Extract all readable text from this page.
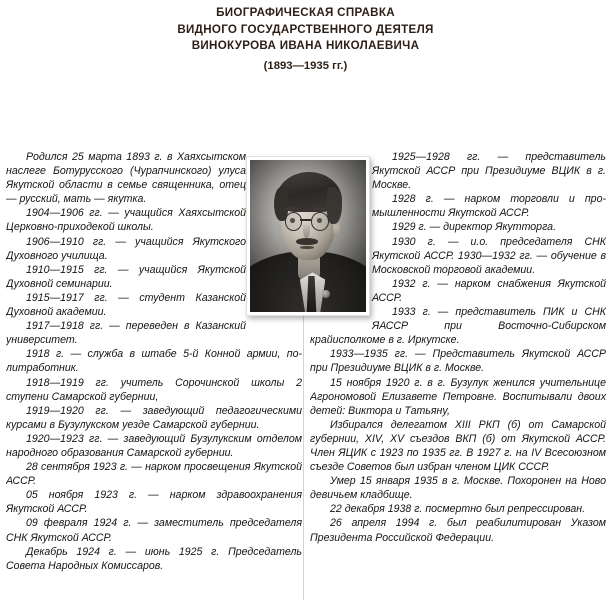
БИОГРАФИЧЕСКАЯ СПРАВКА
ВИДНОГО ГОСУДАРСТВЕННОГО ДЕЯТЕЛЯ
ВИНОКУРОВА ИВАНА НИКОЛАЕВИЧА
(1893—1935 гг.)

Родился 25 марта 1893 г. в Хаяхсытском наслеге Ботурусского (Чурапчинского) улуса Якутской области в семье священника, отец — русский, мать — якутка.

1904—1906 гг. — учащийся Хаяхсытской Церковно-приходекой школы.

1906—1910 гг. — учащийся Якутского Духовного училища.

1910—1915 гг. — учащийся Якутской Духовной семинарии.

1915—1917 гг. — студент Казанской Духовной академии.

1917—1918 гг. — переведен в Казанский университет.

1918 г. — служба в штабе 5-й Конной армии, политработник.

1918—1919 гг. учитель Сорочинской школы 2 ступени Самарской губернии,

1919—1920 гг. — заведующий педагогическими курсами в Бузулукском уезде Самарской губернии.

1920—1923 гг. — заведующий Бузулукским отделом народного образования Самарской губернии.

28 сентября 1923 г. — нарком просвещения Якутской АССР.

05 ноября 1923 г. — нарком здравоохранения Якутской АССР.

09 февраля 1924 г. — заместитель председателя СНК Якутской АССР.

Декабрь 1924 г. — июнь 1925 г. Председатель Совета Народных Комиссаров.

1925—1928 гг. — представитель Якутской АССР при Президиуме ВЦИК в г. Москве.

1928 г. — нарком торговли и промышленности Якутской АССР.

1929 г. — директор Якутторга.

1930 г. — и.о. председателя СНК Якутской АССР. 1930—1932 гг. — обучение в Московской торговой академии.

1932 г. — нарком снабжения Якутской АССР.

1933 г. — представитель ПИК и СНК ЯАССР при Восточно-Сибирском крайисполкоме в г. Иркутске.

1933—1935 гг. — Представитель Якутской АССР при Президиуме ВЦИК в г. Москве.

15 ноября 1920 г. в г. Бузулук женился учительнице Агрономовой Елизавете Петровне. Воспитывали двоих детей: Виктора и Татьяну,

Избирался делегатом XIII РКП (б) от Самарской губернии, XIV, XV съездов ВКП (б) от Якутской АССР. Член ЯЦИК с 1923 по 1935 гг. В 1927 г. на IV Всесоюзном съезде Советов был избран членом ЦИК СССР.

Умер 15 января 1935 в г. Москве. Похоронен на Ново девичьем кладбище.

22 декабря 1938 г. посмертно был репрессирован.

26 апреля 1994 г. был реабилитирован Указом Президента Российской Федерации.
